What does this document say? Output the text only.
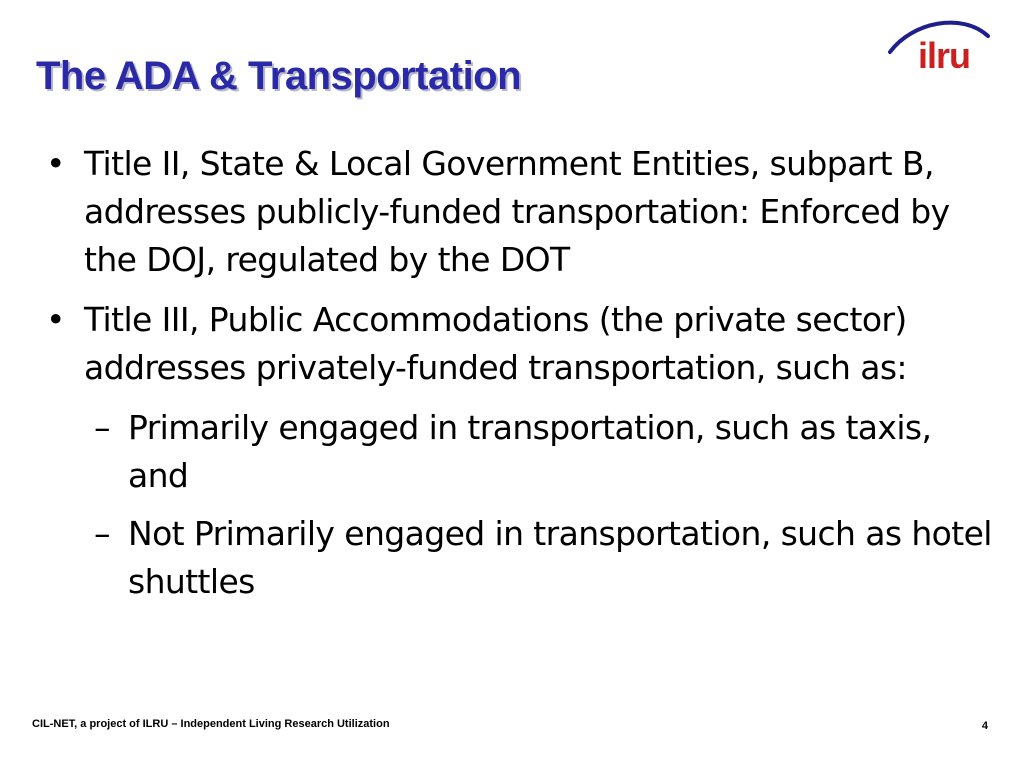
The ADA & Transportation	ilru
• Title II, State & Local Government Entities, subpart B, addresses publicly-funded transportation: Enforced by the DOJ, regulated by the DOT
• Title III, Public Accommodations (the private sector) addresses privately-funded transportation, such as:
– Primarily engaged in transportation, such as taxis, and
– Not Primarily engaged in transportation, such as hotel shuttles
CIL-NET, a project of ILRU – Independent Living Research Utilization	4
